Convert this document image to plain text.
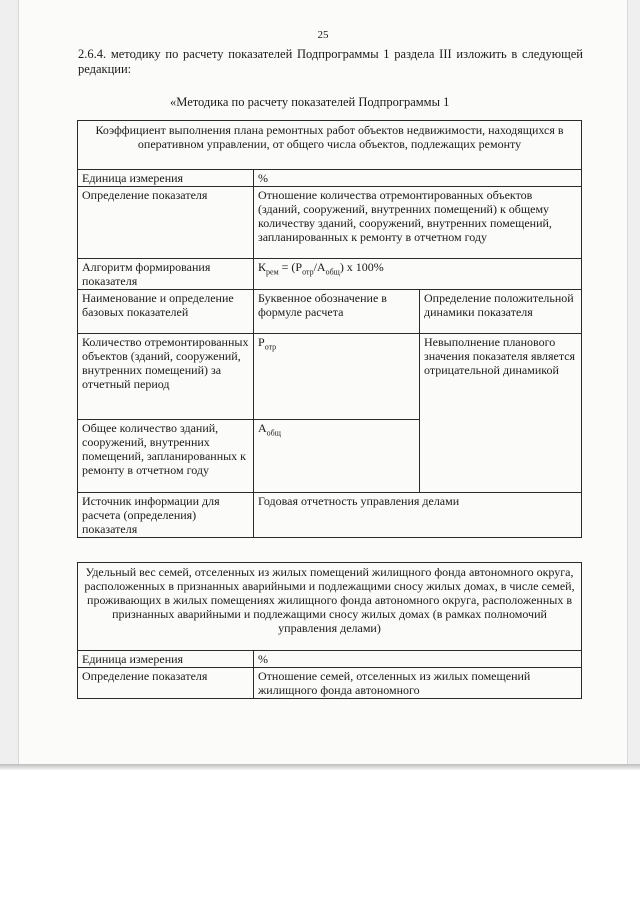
25
2.6.4. методику по расчету показателей Подпрограммы 1 раздела III изложить в следующей редакции:
«Методика по расчету показателей Подпрограммы 1
Коэффициент выполнения плана ремонтных работ объектов недвижимости, находящихся в оперативном управлении, от общего числа объектов, подлежащих ремонту		
Единица измерения	%	
Определение показателя	Отношение количества отремонтированных объектов (зданий, сооружений, внутренних помещений) к общему количеству зданий, сооружений, внутренних помещений, запланированных к ремонту в отчетном году	
Алгоритм формирования показателя	$К_{рем} = (Р_{отр}/А_{общ})$ х 100%	
Наименование и определение базовых показателей	Буквенное обозначение в формуле расчета	Определение положительной динамики показателя
Количество отремонтированных объектов (зданий, сооружений, внутренних помещений) за отчетный период	$Р_{отр}$	Невыполнение планового значения показателя является отрицательной динамикой
Общее количество зданий, сооружений, внутренних помещений, запланированных к ремонту в отчетном году	$А_{общ}$
Источник информации для расчета (определения) показателя	Годовая отчетность управления делами	
Удельный вес семей, отселенных из жилых помещений жилищного фонда автономного округа, расположенных в признанных аварийными и подлежащими сносу жилых домах, в числе семей, проживающих в жилых помещениях жилищного фонда автономного округа, расположенных в признанных аварийными и подлежащими сносу жилых домах (в рамках полномочий управления делами)	
Единица измерения	%
Определение показателя	Отношение семей, отселенных из жилых помещений жилищного фонда автономного
